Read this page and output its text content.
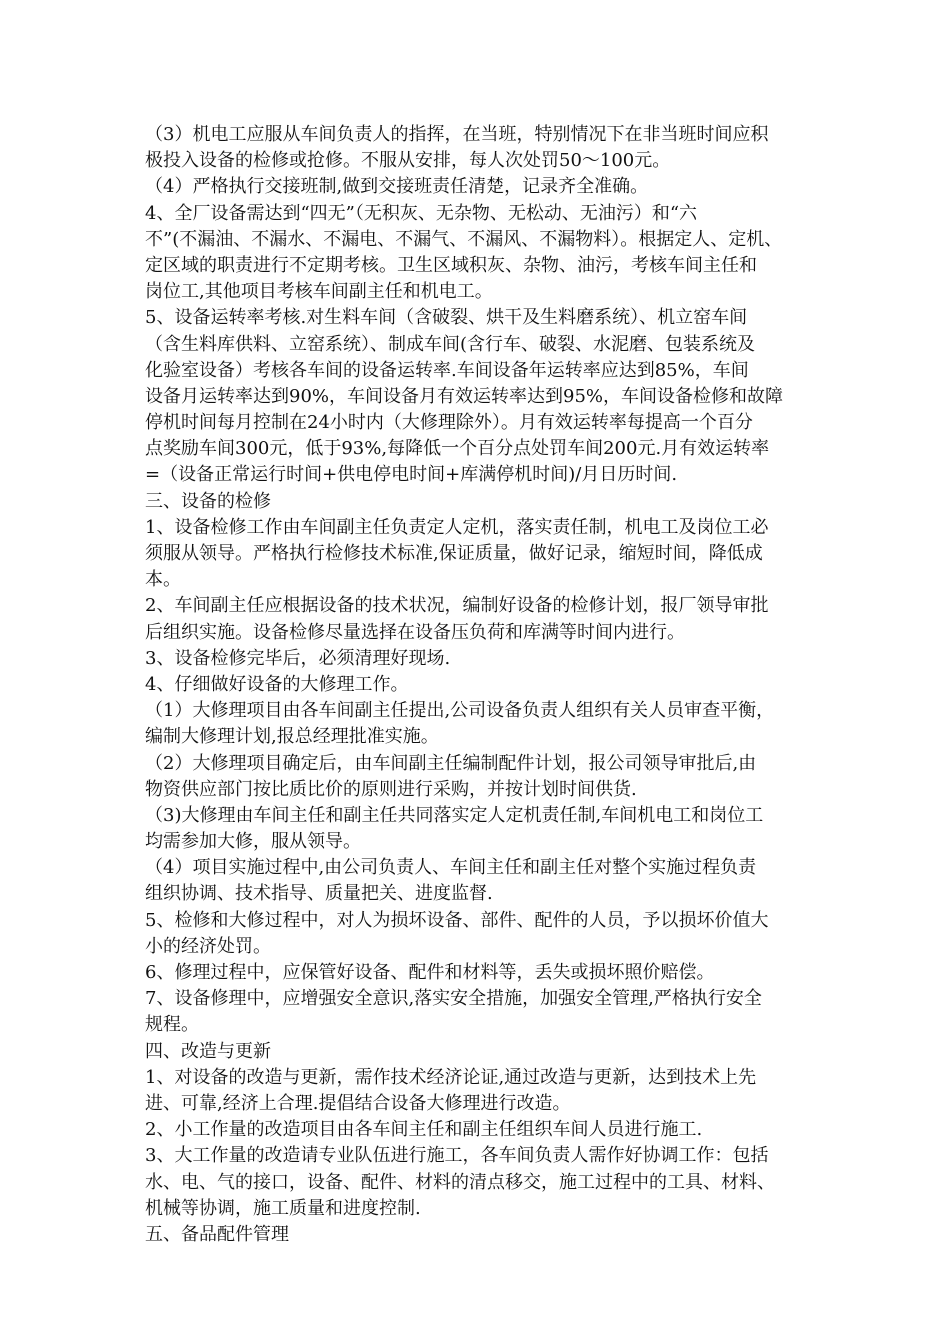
（3）机电工应服从车间负责人的指挥，在当班，特别情况下在非当班时间应积
极投入设备的检修或抢修。不服从安排，每人次处罚50～100元。
（4）严格执行交接班制,做到交接班责任清楚，记录齐全准确。
4、全厂设备需达到“四无”（无积灰、无杂物、无松动、无油污）和“六
不”(不漏油、不漏水、不漏电、不漏气、不漏风、不漏物料）。根据定人、定机、
定区域的职责进行不定期考核。卫生区域积灰、杂物、油污，考核车间主任和
岗位工,其他项目考核车间副主任和机电工。
5、设备运转率考核.对生料车间（含破裂、烘干及生料磨系统）、机立窑车间
（含生料库供料、立窑系统）、制成车间(含行车、破裂、水泥磨、包装系统及
化验室设备）考核各车间的设备运转率.车间设备年运转率应达到85%，车间
设备月运转率达到90%，车间设备月有效运转率达到95%，车间设备检修和故障
停机时间每月控制在24小时内（大修理除外）。月有效运转率每提高一个百分
点奖励车间300元，低于93%,每降低一个百分点处罚车间200元.月有效运转率
=（设备正常运行时间+供电停电时间+库满停机时间)/月日历时间.
三、设备的检修
1、设备检修工作由车间副主任负责定人定机，落实责任制，机电工及岗位工必
须服从领导。严格执行检修技术标准,保证质量，做好记录，缩短时间，降低成
本。
2、车间副主任应根据设备的技术状况，编制好设备的检修计划，报厂领导审批
后组织实施。设备检修尽量选择在设备压负荷和库满等时间内进行。
3、设备检修完毕后，必须清理好现场.
4、仔细做好设备的大修理工作。
（1）大修理项目由各车间副主任提出,公司设备负责人组织有关人员审查平衡，
编制大修理计划,报总经理批准实施。
（2）大修理项目确定后，由车间副主任编制配件计划，报公司领导审批后,由
物资供应部门按比质比价的原则进行采购，并按计划时间供货.
（3)大修理由车间主任和副主任共同落实定人定机责任制,车间机电工和岗位工
均需参加大修，服从领导。
（4）项目实施过程中,由公司负责人、车间主任和副主任对整个实施过程负责
组织协调、技术指导、质量把关、进度监督.
5、检修和大修过程中，对人为损坏设备、部件、配件的人员，予以损坏价值大
小的经济处罚。
6、修理过程中，应保管好设备、配件和材料等，丢失或损坏照价赔偿。
7、设备修理中，应增强安全意识,落实安全措施，加强安全管理,严格执行安全
规程。
四、改造与更新
1、对设备的改造与更新，需作技术经济论证,通过改造与更新，达到技术上先
进、可靠,经济上合理.提倡结合设备大修理进行改造。
2、小工作量的改造项目由各车间主任和副主任组织车间人员进行施工.
3、大工作量的改造请专业队伍进行施工，各车间负责人需作好协调工作：包括
水、电、气的接口，设备、配件、材料的清点移交，施工过程中的工具、材料、
机械等协调，施工质量和进度控制.
五、备品配件管理
